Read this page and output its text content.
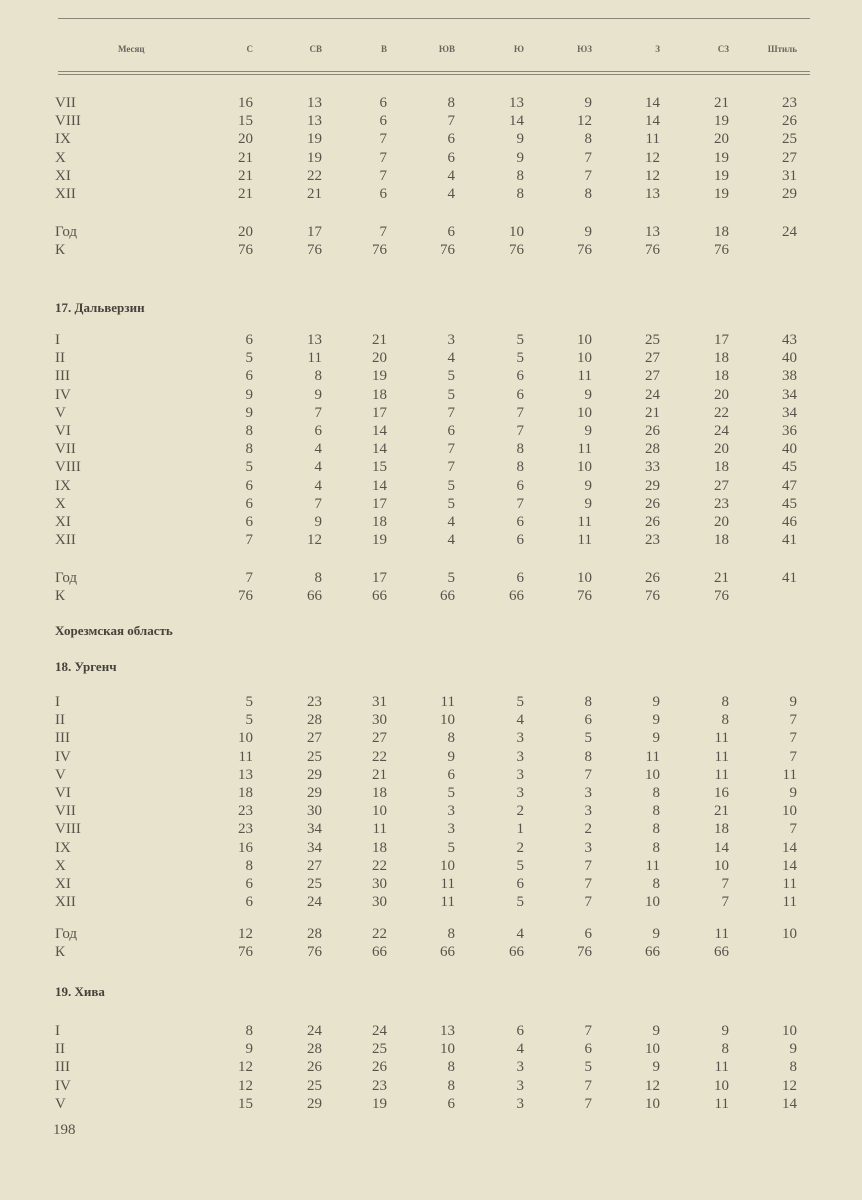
Месяц	С	СВ	В	ЮВ	Ю	ЮЗ	З	СЗ	Штиль
VII	16	13	6	8	13	9	14	21	23
VIII	15	13	6	7	14	12	14	19	26
IX	20	19	7	6	9	8	11	20	25
X	21	19	7	6	9	7	12	19	27
XI	21	22	7	4	8	7	12	19	31
XII	21	21	6	4	8	8	13	19	29
Год	20	17	7	6	10	9	13	18	24
К	76	76	76	76	76	76	76	76
17. Дальверзин
I	6	13	21	3	5	10	25	17	43
II	5	11	20	4	5	10	27	18	40
III	6	8	19	5	6	11	27	18	38
IV	9	9	18	5	6	9	24	20	34
V	9	7	17	7	7	10	21	22	34
VI	8	6	14	6	7	9	26	24	36
VII	8	4	14	7	8	11	28	20	40
VIII	5	4	15	7	8	10	33	18	45
IX	6	4	14	5	6	9	29	27	47
X	6	7	17	5	7	9	26	23	45
XI	6	9	18	4	6	11	26	20	46
XII	7	12	19	4	6	11	23	18	41
Год	7	8	17	5	6	10	26	21	41
К	76	66	66	66	66	76	76	76
Хорезмская область
18. Ургенч
I	5	23	31	11	5	8	9	8	9
II	5	28	30	10	4	6	9	8	7
III	10	27	27	8	3	5	9	11	7
IV	11	25	22	9	3	8	11	11	7
V	13	29	21	6	3	7	10	11	11
VI	18	29	18	5	3	3	8	16	9
VII	23	30	10	3	2	3	8	21	10
VIII	23	34	11	3	1	2	8	18	7
IX	16	34	18	5	2	3	8	14	14
X	8	27	22	10	5	7	11	10	14
XI	6	25	30	11	6	7	8	7	11
XII	6	24	30	11	5	7	10	7	11
Год	12	28	22	8	4	6	9	11	10
К	76	76	66	66	66	76	66	66
19. Хива
I	8	24	24	13	6	7	9	9	10
II	9	28	25	10	4	6	10	8	9
III	12	26	26	8	3	5	9	11	8
IV	12	25	23	8	3	7	12	10	12
V	15	29	19	6	3	7	10	11	14
198
